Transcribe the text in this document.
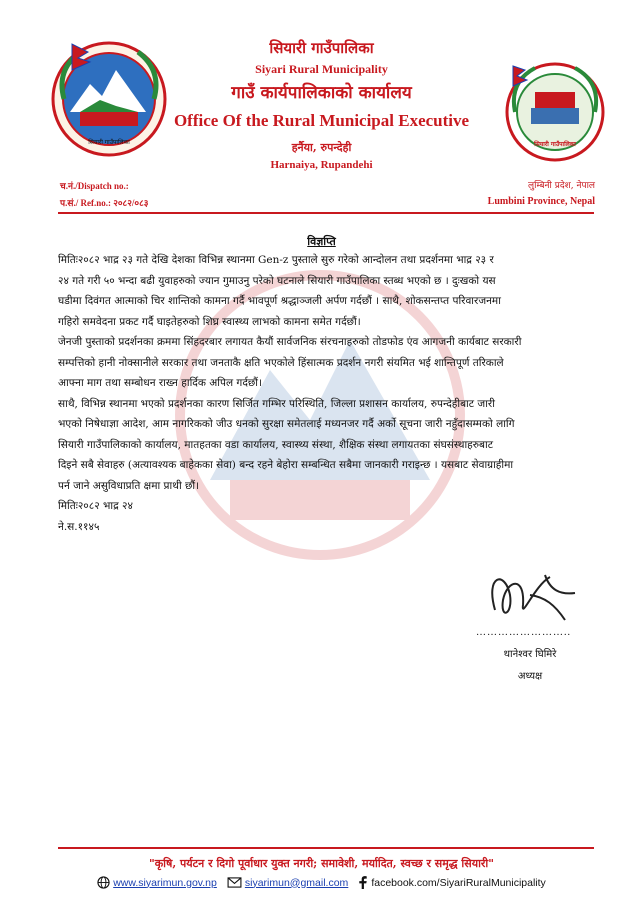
सियारी गाउँपालिका	सियारी गाउँपालिका
सियारी गाउँपालिका
Siyari Rural Municipality
गाउँ कार्यपालिकाको कार्यालय
Office Of the Rural Municipal Executive
हर्नैया, रुपन्देही
Harnaiya, Rupandehi
च.नं./Dispatch no.:
प.सं./ Ref.no.: २०८२/०८३
लुम्बिनी प्रदेश, नेपाल
Lumbini Province, Nepal
विज्ञप्ति
मितिः२०८२ भाद्र २३ गते देखि देशका विभिन्न स्थानमा Gen-z पुस्ताले सुरु गरेको आन्दोलन तथा प्रदर्शनमा भाद्र २३ र
२४ गते गरी ५० भन्दा बढी युवाहरुको ज्यान गुमाउनु परेको घटनाले सियारी गाउँपालिका स्तब्ध भएको छ । दुःखको यस
घडीमा दिवंगत आत्माको चिर शान्तिको कामना गर्दै भावपूर्ण श्रद्धाञ्जली अर्पण गर्दछौं । साथै, शोकसन्तप्त परिवारजनमा
गहिरो समवेदना प्रकट गर्दै घाइतेहरुको शिघ्र स्वास्थ्य लाभको कामना समेत गर्दछौं।
जेनजी पुस्ताको प्रदर्शनका क्रममा सिंहदरबार लगायत कैयौं सार्वजनिक संरचनाहरुको तोडफोड एंव आगजनी कार्यबाट सरकारी
सम्पत्तिको हानी नोक्सानीले सरकार तथा जनताकै क्षति भएकोले हिंसात्मक प्रदर्शन नगरी संयमित भई शान्तिपूर्ण तरिकाले
आफ्ना माग तथा सम्बोधन राख्न हार्दिक अपिल गर्दछौं।
साथै, विभिन्न स्थानमा भएको प्रदर्शनका कारण सिर्जित गम्भिर परिस्थिति, जिल्ला प्रशासन कार्यालय, रुपन्देहीबाट जारी
भएको निषेधाज्ञा आदेश, आम नागरिकको जीउ धनको सुरक्षा समेतलाई मध्यनजर गर्दै अर्को सूचना जारी नहुँदासम्मको लागि
सियारी गाउँपालिकाको कार्यालय, मातहतका वडा कार्यालय, स्वास्थ्य संस्था, शैक्षिक संस्था लगायतका संघसंस्थाहरुबाट
दिइने सबै सेवाहरु (अत्यावश्यक बाहेकका सेवा) बन्द रहने बेहोरा सम्बन्धित सबैमा जानकारी गराइन्छ । यसबाट सेवाग्राहीमा
पर्न जाने असुविधाप्रति क्षमा प्राथी छौं।
मितिः२०८२ भाद्र २४
ने.स.११४५
……………………..
थानेश्वर घिमिरे
अध्यक्ष
"कृषि, पर्यटन र दिगो पूर्वाधार युक्त नगरी; समावेशी, मर्यादित, स्वच्छ र समृद्ध सियारी"
www.siyarimun.gov.np	siyarimun@gmail.com facebook.com/SiyariRuralMunicipality
